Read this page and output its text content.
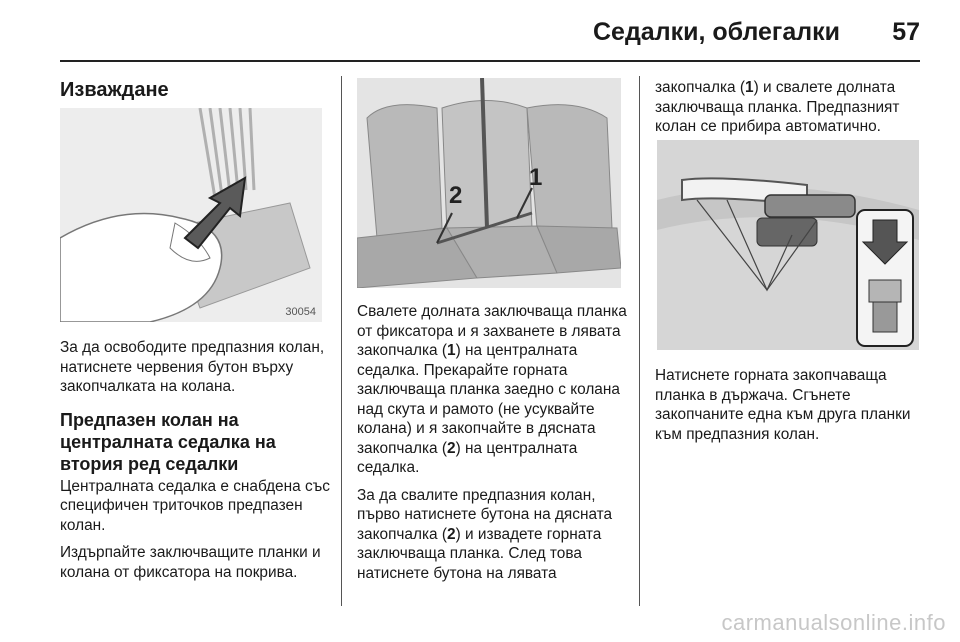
Седалки, облегалки 57
Изваждане
30054

За да освободите предпазния колан, натиснете червения бутон върху закопчалката на колана.

Предпазен колан на централната седалка на втория ред седалки

Централната седалка е снабдена със специфичен триточков предпазен колан.

Издърпайте заключващите планки и колана от фиксатора на покрива.

2
1

Свалете долната заключваща планка от фиксатора и я захванете в лявата закопчалка (1) на централната седалка. Прекарайте горната заключваща планка заедно с колана над скута и рамото (не усуквайте колана) и я закопчайте в дясната закопчалка (2) на централната седалка.

За да свалите предпазния колан, първо натиснете бутона на дясната закопчалка (2) и извадете горната заключваща планка. След това натиснете бутона на лявата

закопчалка (1) и свалете долната заключваща планка. Предпазният колан се прибира автоматично.

Натиснете горната закопчаваща планка в държача. Сгънете закопчаните една към друга планки към предпазния колан.

carmanualsonline.info
